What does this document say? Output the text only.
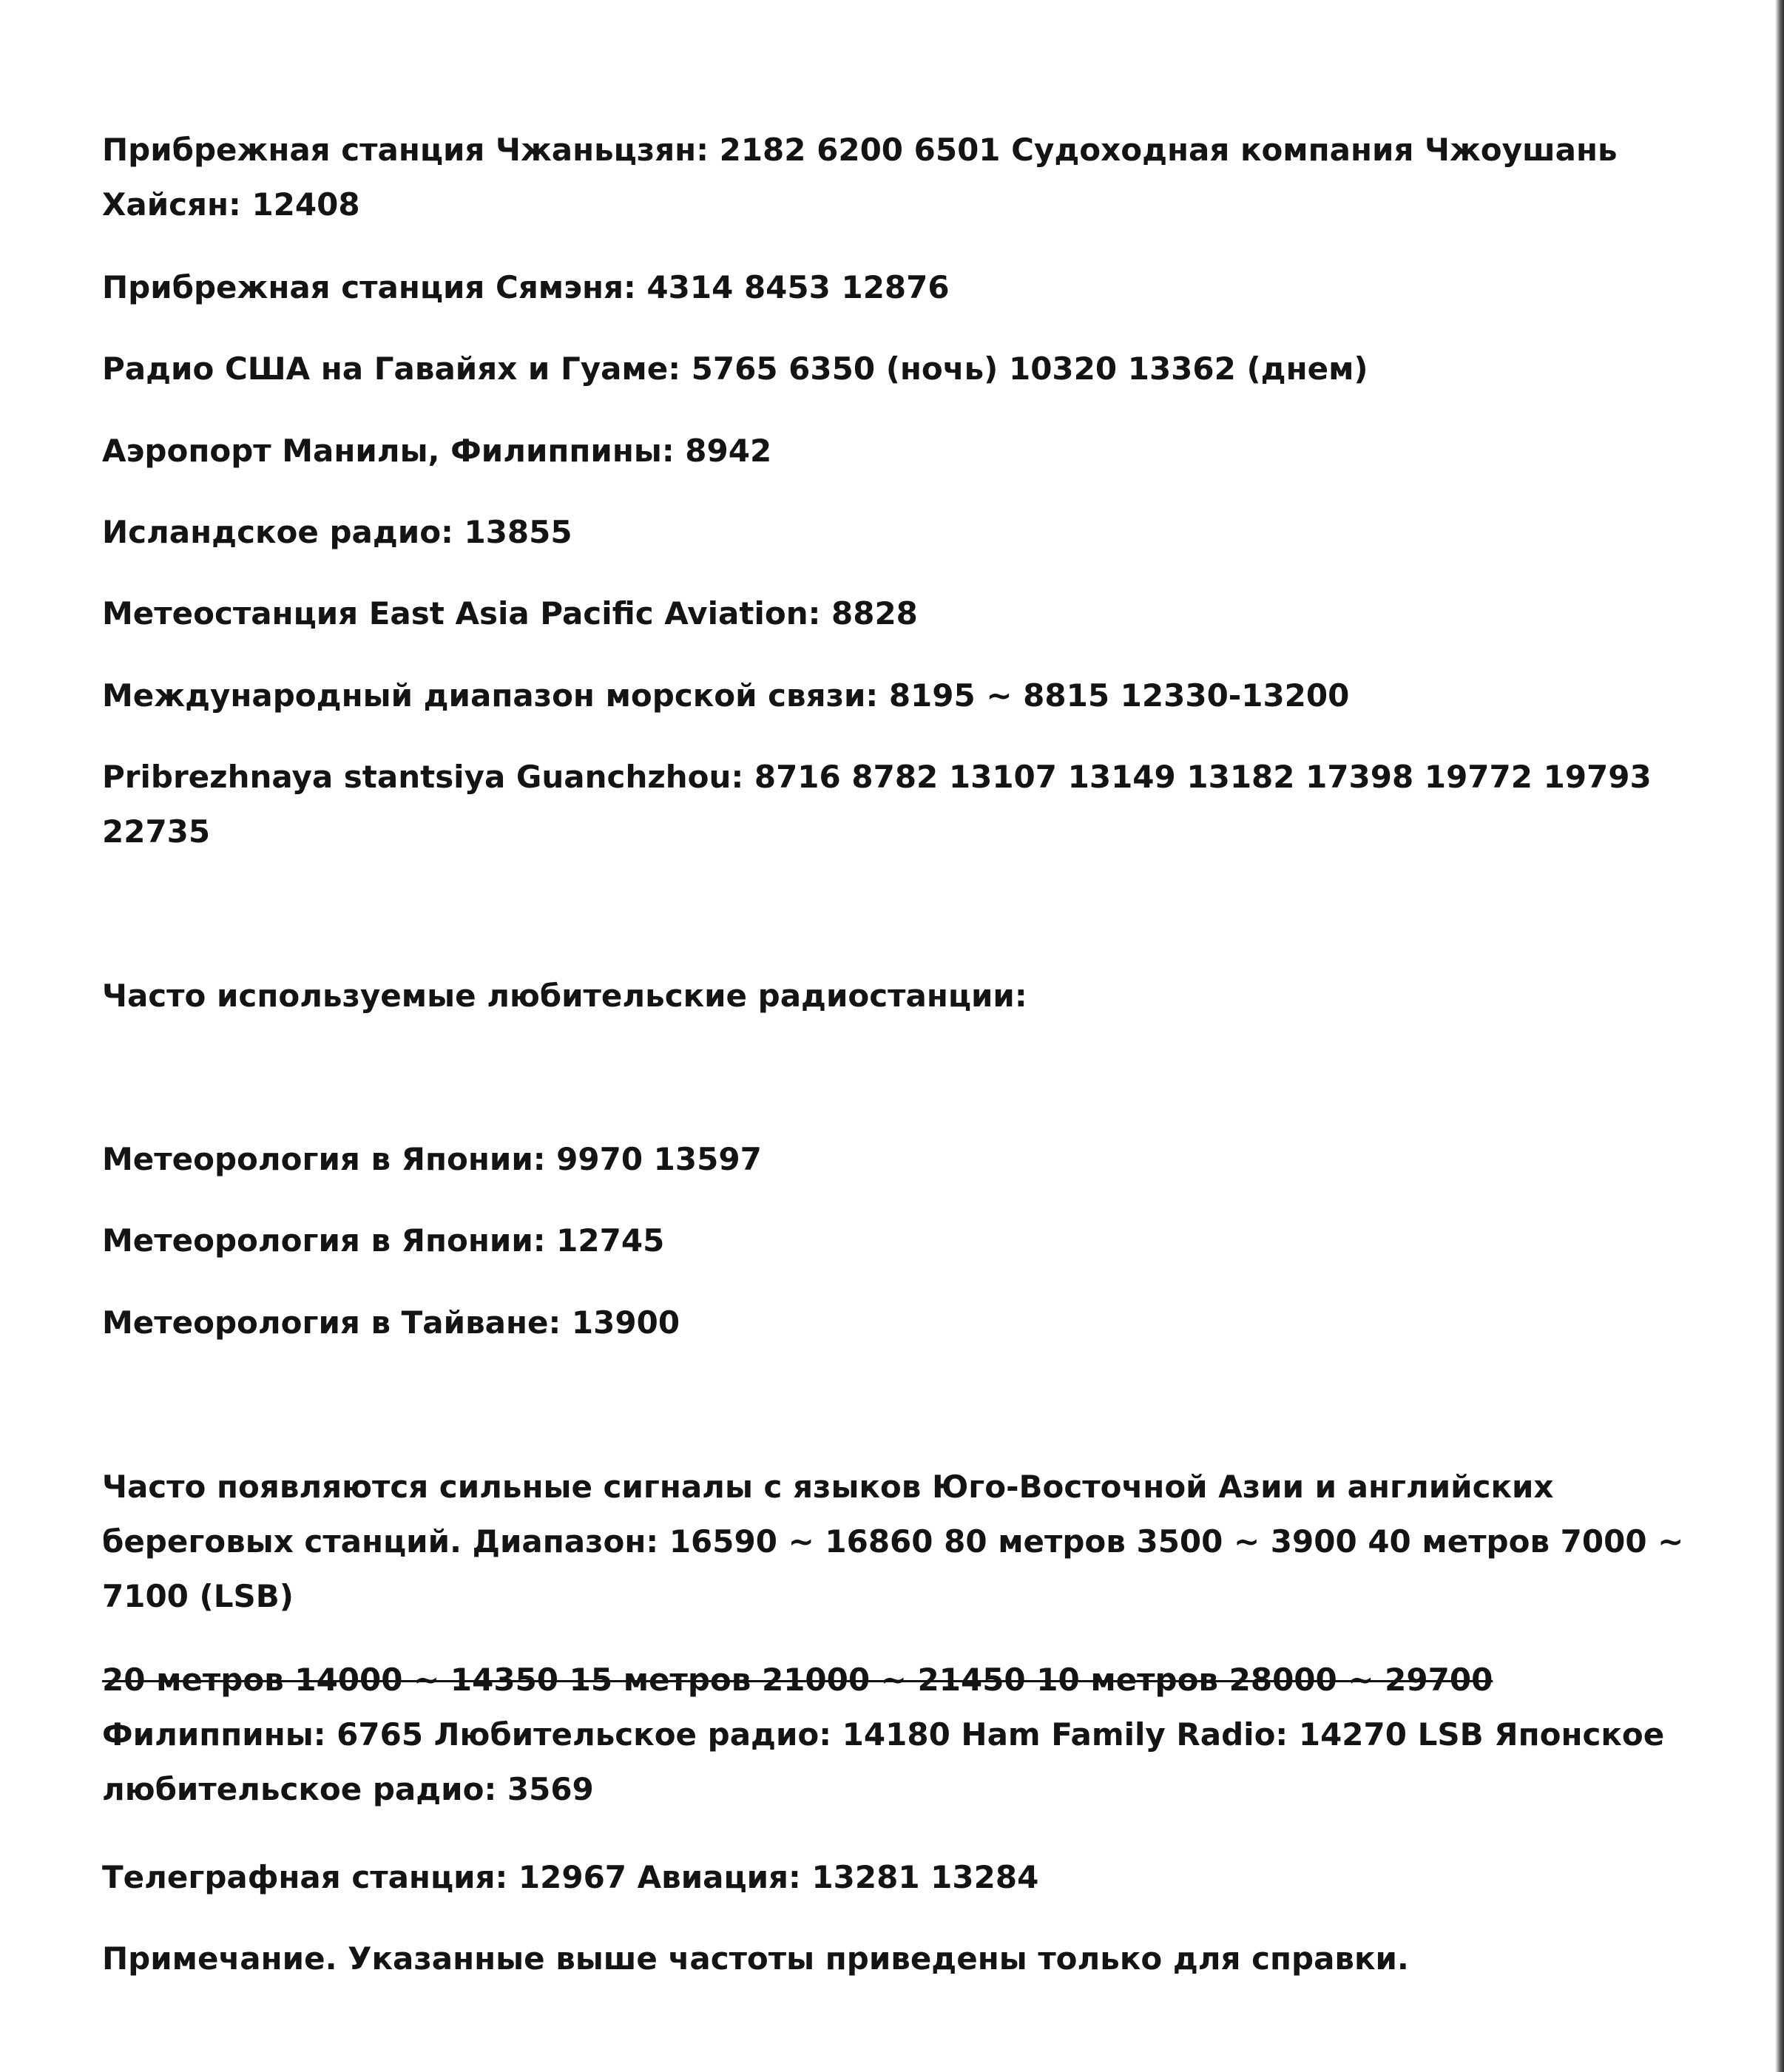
Прибрежная станция Чжаньцзян: 2182 6200 6501 Судоходная компания Чжоушань Хайсян: 12408

Прибрежная станция Сямэня: 4314 8453 12876

Радио США на Гавайях и Гуаме: 5765 6350 (ночь) 10320 13362 (днем)

Аэропорт Манилы, Филиппины: 8942

Исландское радио: 13855

Метеостанция East Asia Pacific Aviation: 8828

Международный диапазон морской связи: 8195 ~ 8815 12330-13200

Pribrezhnaya stantsiya Guanchzhou: 8716 8782 13107 13149 13182 17398 19772 19793 22735

Часто используемые любительские радиостанции:

Метеорология в Японии: 9970 13597

Метеорология в Японии: 12745

Метеорология в Тайване: 13900

Часто появляются сильные сигналы с языков Юго-Восточной Азии и английских береговых станций. Диапазон: 16590 ~ 16860 80 метров 3500 ~ 3900 40 метров 7000 ~ 7100 (LSB)

20 метров 14000 ~ 14350 15 метров 21000 ~ 21450 10 метров 28000 ~ 29700 Филиппины: 6765 Любительское радио: 14180 Ham Family Radio: 14270 LSB Японское любительское радио: 3569

Телеграфная станция: 12967 Авиация: 13281 13284

Примечание. Указанные выше частоты приведены только для справки.
